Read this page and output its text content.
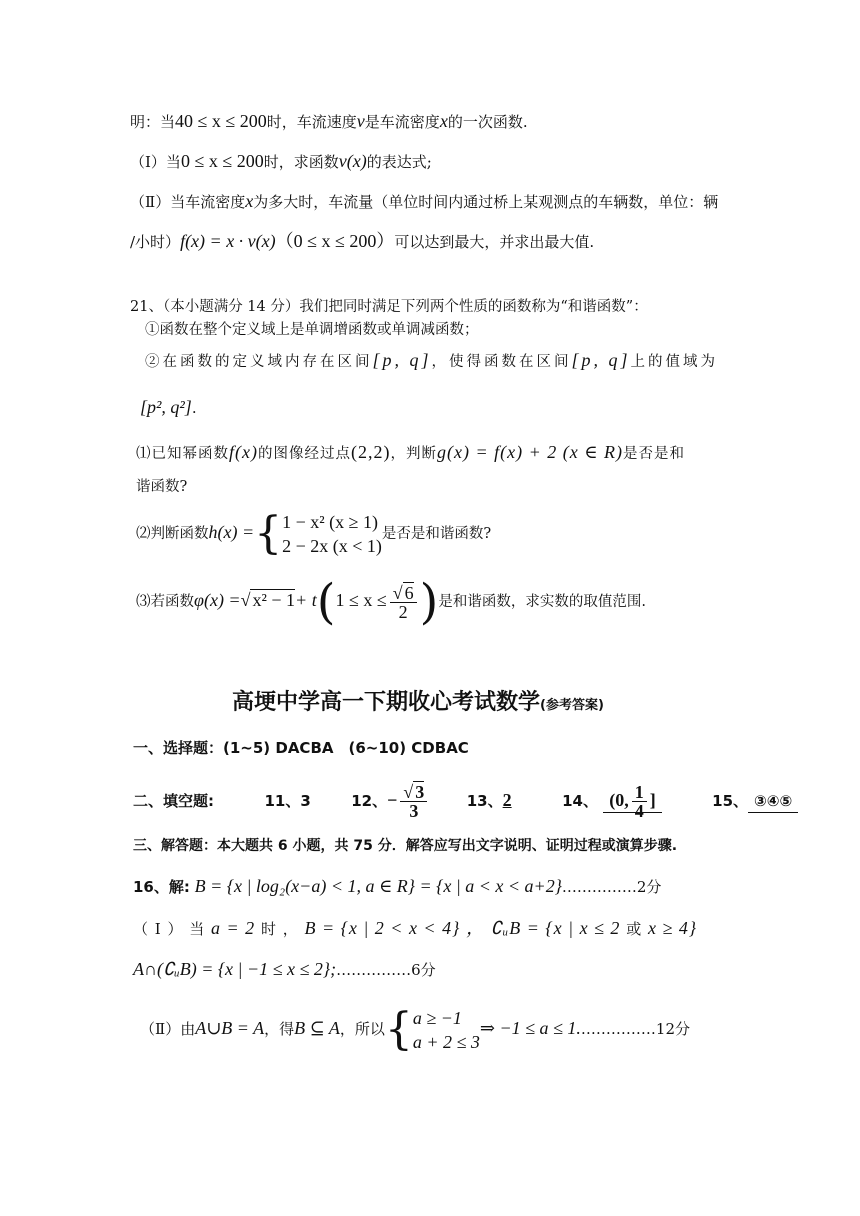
明：当40 ≤ x ≤ 200时，车流速度v是车流密度x的一次函数.
（Ⅰ）当0 ≤ x ≤ 200时，求函数v(x)的表达式;
（Ⅱ）当车流密度x为多大时，车流量（单位时间内通过桥上某观测点的车辆数，单位：辆
/小时）f(x) = x · v(x)（0 ≤ x ≤ 200）可以达到最大，并求出最大值.
21、（本小题满分 14 分）我们把同时满足下列两个性质的函数称为“和谐函数”：
①函数在整个定义域上是单调增函数或单调减函数；
②在函数的定义域内存在区间[p, q]，使得函数在区间[p, q]上的值域为
[p², q²].
⑴已知幂函数f(x)的图像经过点(2,2)，判断g(x) = f(x) + 2 (x ∈ R)是否是和
谐函数?
⑵判断函数h(x) ={ 1 − x² (x ≥ 1)
2 − 2x (x < 1)
是否是和谐函数?
⑶若函数φ(x) =√ $x^2 - 1+ t(1 \le x \le \frac{√ 6}{2}$ )是和谐函数，求实数的取值范围.
高埂中学高一下期收心考试数学(参考答案)
一、选择题：(1~5) DACBA　(6~10) CDBAC
二、填空题:	11、3	12、− $\frac{√ 3}{3}$	13、2	14、 (0, $\frac{1}{4}$ ]	15、 ③④⑤
三、解答题：本大题共 6 小题，共 75 分．解答应写出文字说明、证明过程或演算步骤.
16、解: B = {x | log₂(x−a) < 1, a ∈ R} = {x | a < x < a+2}……………2分
（ Ⅰ ） 当 a = 2 时 ， B = {x | 2 < x < 4} ， ∁ᵤB = {x | x ≤ 2 或 x ≥ 4}
A∩(∁ᵤB) = {x | −1 ≤ x ≤ 2};……………6分
（Ⅱ）由A∪B = A，得B ⊆ A，所以{ a ≥ −1
a + 2 ≤ 3
⇒ −1 ≤ a ≤ 1.……………12分
